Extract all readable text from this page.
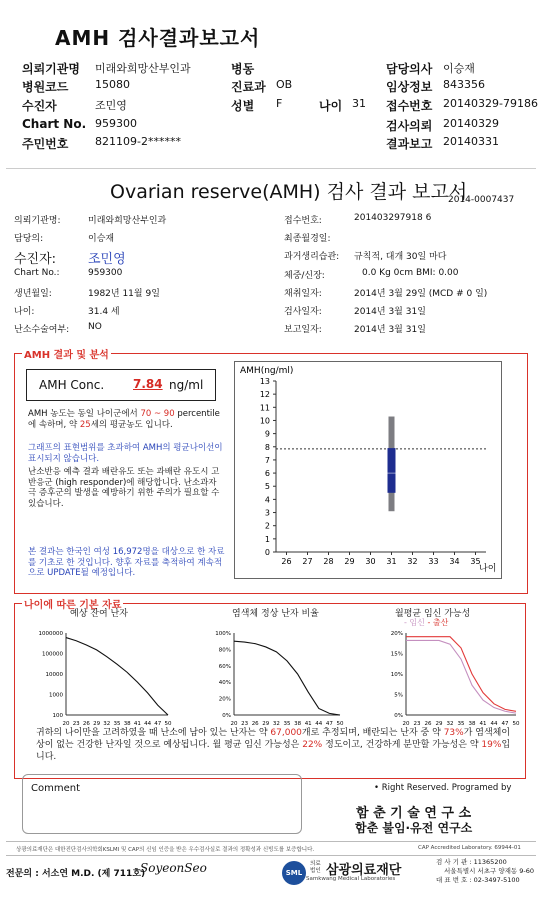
AMH 검사결과보고서
의뢰기관명 미래와희망산부인과
병원코드 15080
수진자	조민영
Chart No. 959300
주민번호 821109-2******
병동
진료과 OB
성별 F	나이 31
담당의사 이승재
임상정보 843356
접수번호 20140329-79186
검사의뢰 20140329
결과보고 20140331
Ovarian reserve(AMH) 검사 결과 보고서
2014-0007437
의뢰기관명:	미래와희망산부인과
담당의:	이승재
수진자: 조민영
Chart No.:	959300
생년월일:	1982년 11월 9일
나이:	31.4 세
난소수술여부: NO
접수번호:	201403297918 6
최종월경일:
과거생리습관: 규칙적, 대개 30일 마다
체중/신장:	0.0 Kg 0cm BMI: 0.00
채취일자:	2014년 3월 29일 (MCD # 0 일)
검사일자:	2014년 3월 31일
보고일자:	2014년 3월 31일
AMH 결과 및 분석
AMH Conc. 7.84 ng/ml
AMH 농도는 동일 나이군에서 70 ~ 90 percentile에 속하며, 약 25세의 평균농도 입니다.
그래프의 표현범위를 초과하여 AMH의 평균나이선이 표시되지 않습니다.
난소반응 예측 결과 배란유도 또는 과배란 유도시 고반응군 (high responder)에 해당합니다. 난소과자극 증후군의 발생을 예방하기 위한 주의가 필요할 수 있습니다.
본 결과는 한국인 여성 16,972명을 대상으로 한 자료를 기초로 한 것입니다. 향후 자료를 축적하여 계속적으로 UPDATE될 예정입니다.
AMH(ng/ml)
나이
0
1
2
3
4
5
6
7
8
9
10
11
12
13
26 27 28 29 30 31 32 33 34 35
나이에 따른 기본 자료
예상 잔여 난자	염색체 정상 난자 비율	월평균 임신 가능성
- 임신 - 출산
1000000
100000
10000
1000
100
20 23 26 29 32 35 38 41 44 47 50
100%
80%
60%
40%
20%
0%
20 23 26 29 32 35 38 41 44 47 50
20%
15%
10%
5%
0%
20 23 26 29 32 35 38 41 44 47 50
귀하의 나이만을 고려하였을 때 난소에 남아 있는 난자는 약 67,000개로 추정되며, 배란되는 난자 중 약 73%가 염색체이상이 없는 건강한 난자일 것으로 예상됩니다. 월 평균 임신 가능성은 22% 정도이고, 건강하게 분만할 가능성은 약 19%입니다.
Comment	• Right Reserved. Programed by
함 춘 기 술 연 구 소
함춘 불임·유전 연구소
상광의료재단은 대한진단검사의학회KSLMI 및 CAP의 신임 인증을 받은 우수검사실로 결과의 정확성과 신빙도를 보증합니다.	CAP Accredited Laboratory. 69944-01
전문의 : 서소연 M.D. (제 711호)
SoyeonSeo	SML
의료법인 삼광의료재단
Samkwang Medical Laboratories
검 사 기 관 : 11365200
서울특별시 서초구 양재동 9-60
대 표 번 호 : 02-3497-5100
